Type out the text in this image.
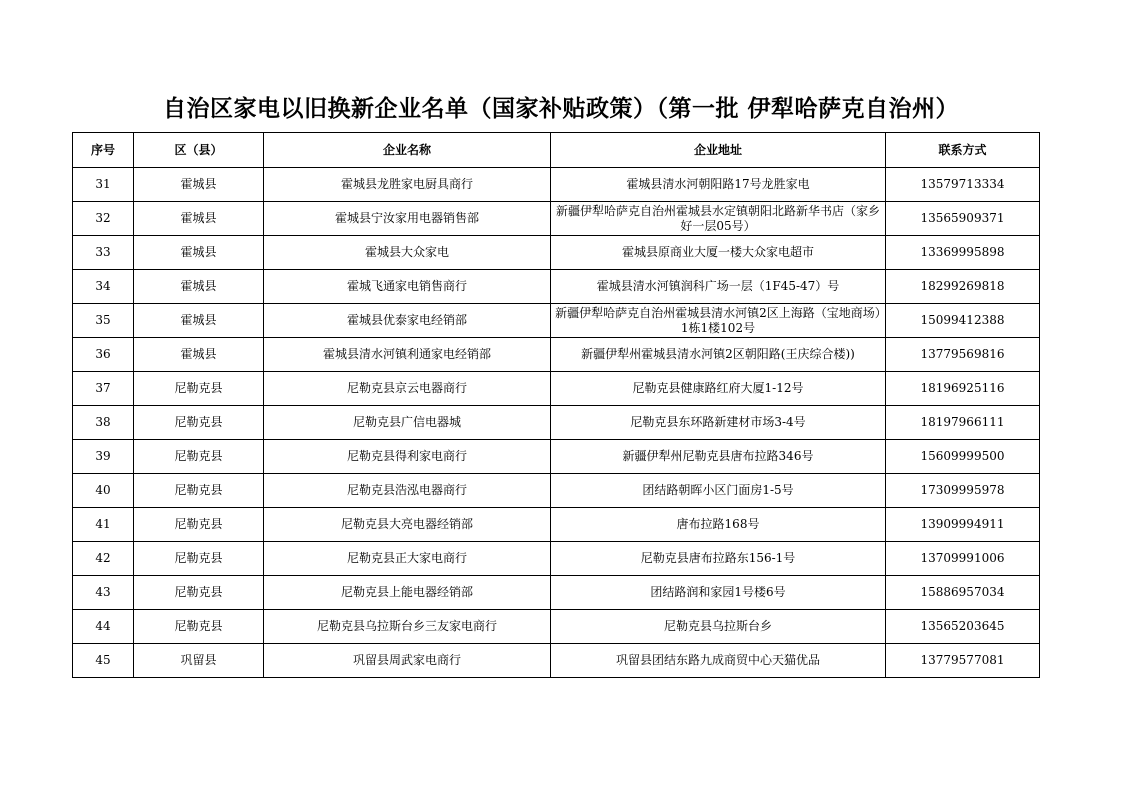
自治区家电以旧换新企业名单（国家补贴政策）（第一批 伊犁哈萨克自治州）
序号	区（县）	企业名称	企业地址	联系方式
31	霍城县	霍城县龙胜家电厨具商行	霍城县清水河朝阳路17号龙胜家电	13579713334
32	霍城县	霍城县宁汝家用电器销售部	新疆伊犁哈萨克自治州霍城县水定镇朝阳北路新华书店（家乡好一层05号）	13565909371
33	霍城县	霍城县大众家电	霍城县原商业大厦一楼大众家电超市	13369995898
34	霍城县	霍城飞通家电销售商行	霍城县清水河镇润科广场一层（1F45-47）号	18299269818
35	霍城县	霍城县优泰家电经销部	新疆伊犁哈萨克自治州霍城县清水河镇2区上海路（宝地商场）1栋1楼102号	15099412388
36	霍城县	霍城县清水河镇利通家电经销部	新疆伊犁州霍城县清水河镇2区朝阳路(王庆综合楼))	13779569816
37	尼勒克县	尼勒克县京云电器商行	尼勒克县健康路红府大厦1-12号	18196925116
38	尼勒克县	尼勒克县广信电器城	尼勒克县东环路新建材市场3-4号	18197966111
39	尼勒克县	尼勒克县得利家电商行	新疆伊犁州尼勒克县唐布拉路346号	15609999500
40	尼勒克县	尼勒克县浩泓电器商行	团结路朝晖小区门面房1-5号	17309995978
41	尼勒克县	尼勒克县大亮电器经销部	唐布拉路168号	13909994911
42	尼勒克县	尼勒克县正大家电商行	尼勒克县唐布拉路东156-1号	13709991006
43	尼勒克县	尼勒克县上能电器经销部	团结路润和家园1号楼6号	15886957034
44	尼勒克县	尼勒克县乌拉斯台乡三友家电商行	尼勒克县乌拉斯台乡	13565203645
45	巩留县	巩留县周武家电商行	巩留县团结东路九成商贸中心天猫优品	13779577081
